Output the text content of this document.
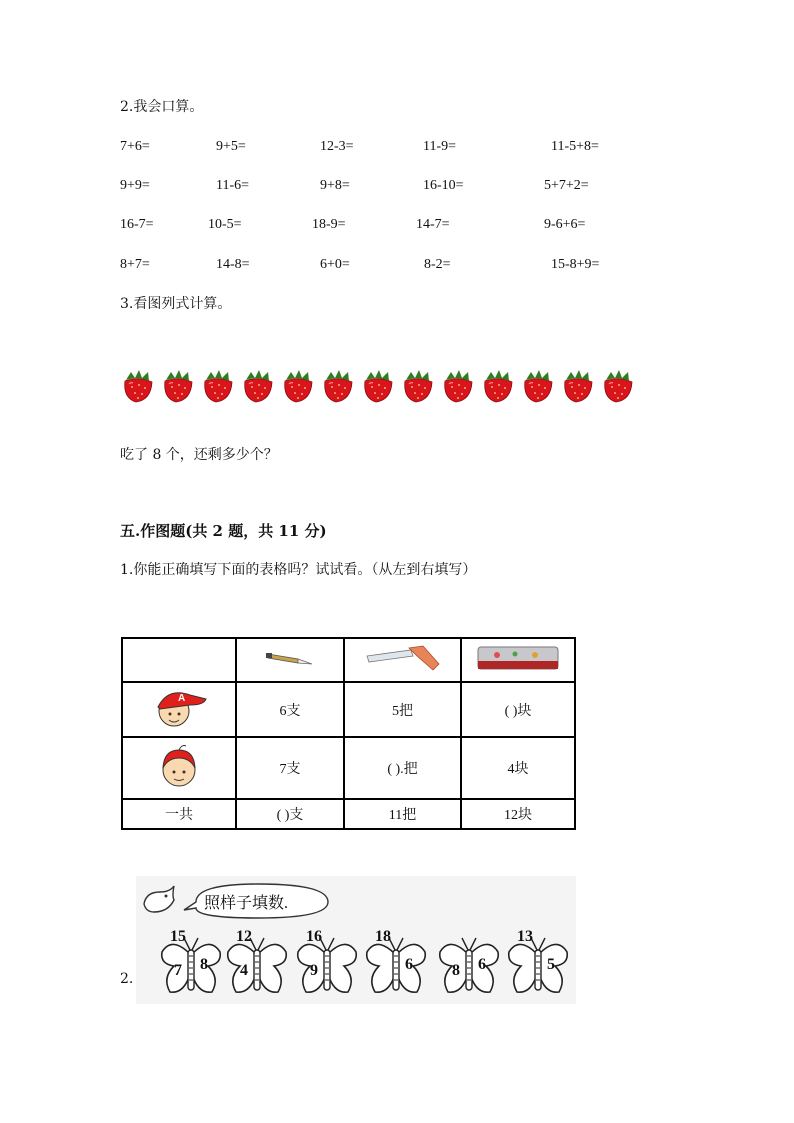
2.我会口算。
7+6=	9+5=	12-3=	11-9=	11-5+8=
9+9=	11-6=	9+8=	16-10=	5+7+2=
16-7=	10-5=	18-9=	14-7=	9-6+6=
8+7=	14-8=	6+0=	8-2=	15-8+9=
3.看图列式计算。
吃了 8 个，还剩多少个？
五.作图题(共 2 题，共 11 分)
1.你能正确填写下面的表格吗？试试看。（从左到右填写）

A	6支	5把	( )块
	7支	( ).把	4块
一共	( )支	11把	12块
照样子填数.
2.
15
7 8
12
4
16
9
18
6 8 6
13
5
